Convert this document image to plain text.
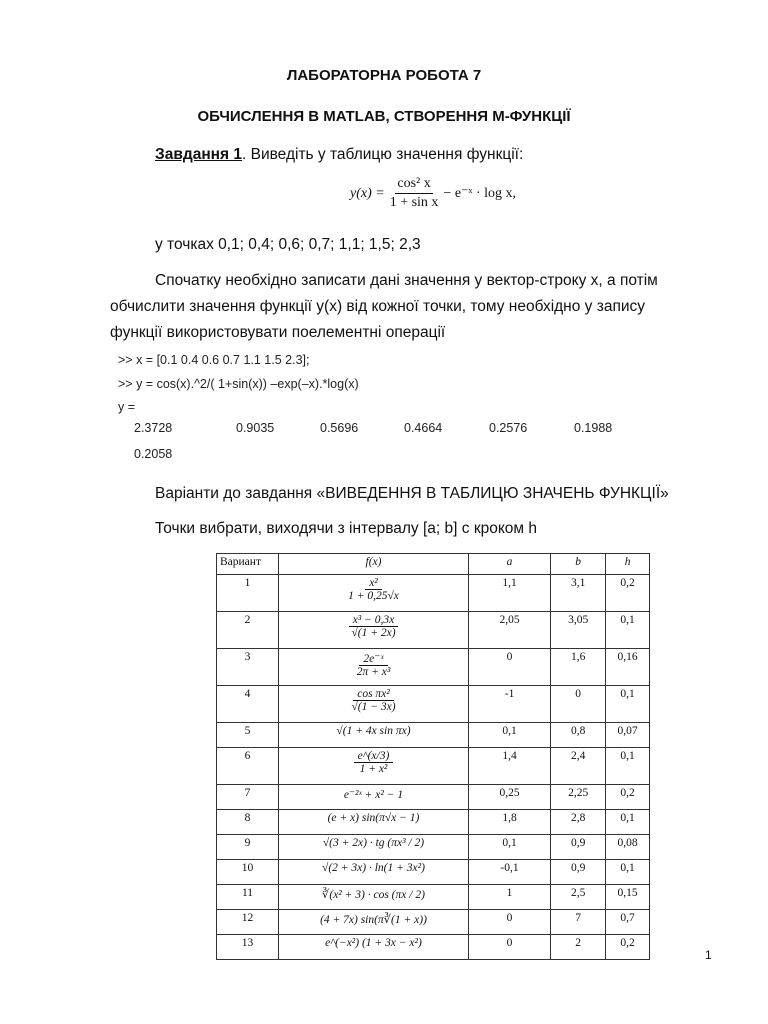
ЛАБОРАТОРНА РОБОТА 7
ОБЧИСЛЕННЯ В MATLAB, СТВОРЕННЯ М-ФУНКЦІЇ
Завдання 1. Виведіть у таблицю значення функції:
$y(x) = \frac{\text{cos² x}}{\text{1 + sin x}}$ − e⁻ˣ · log x,
у точках 0,1; 0,4; 0,6; 0,7; 1,1; 1,5; 2,3
Спочатку необхідно записати дані значення у вектор-строку x, а потім
обчислити значення функції y(x) від кожної точки, тому необхідно у запису
функції використовувати поелементні операції
>> x = [0.1 0.4 0.6 0.7 1.1 1.5 2.3];
>> y = cos(x).^2/( 1+sin(x)) –exp(–x).*log(x)
y =
2.3728	0.9035	0.5696	0.4664	0.2576	0.1988
0.2058
Варіанти до завдання «ВИВЕДЕННЯ В ТАБЛИЦЮ ЗНАЧЕНЬ ФУНКЦІЇ»
Точки вибрати, виходячи з інтервалу [a; b] с кроком h
Вариант	f(x)	a	b	h
1	$\frac{\text{x²}}{1 + 0,25√x}$	1,1	3,1	0,2
2	$\frac{\text{x³ − 0,3x}}{√(1 + 2x)}$	2,05	3,05	0,1
3	$\frac{\text{2e⁻ˣ}}{\text{2π + x³}}$	0	1,6	0,16
4	$\frac{\text{cos πx²}}{√(1 - 3x)}$	-1	0	0,1
5	√(1 + 4x sin πx)	0,1	0,8	0,07
6	$\frac{e\^{}(x/3)}{\text{1 + x²}}$	1,4	2,4	0,1
7	e⁻²ˣ + x² − 1	0,25	2,25	0,2
8	(e + x) sin(π√x − 1)	1,8	2,8	0,1
9	√(3 + 2x) · tg (πx³ / 2)	0,1	0,9	0,08
10	√(2 + 3x) · ln(1 + 3x²)	-0,1	0,9	0,1
11	∛(x² + 3) · cos (πx / 2)	1	2,5	0,15
12	(4 + 7x) sin(π∛(1 + x))	0	7	0,7
13	e^(−x²) (1 + 3x − x²)	0	2	0,2
1
